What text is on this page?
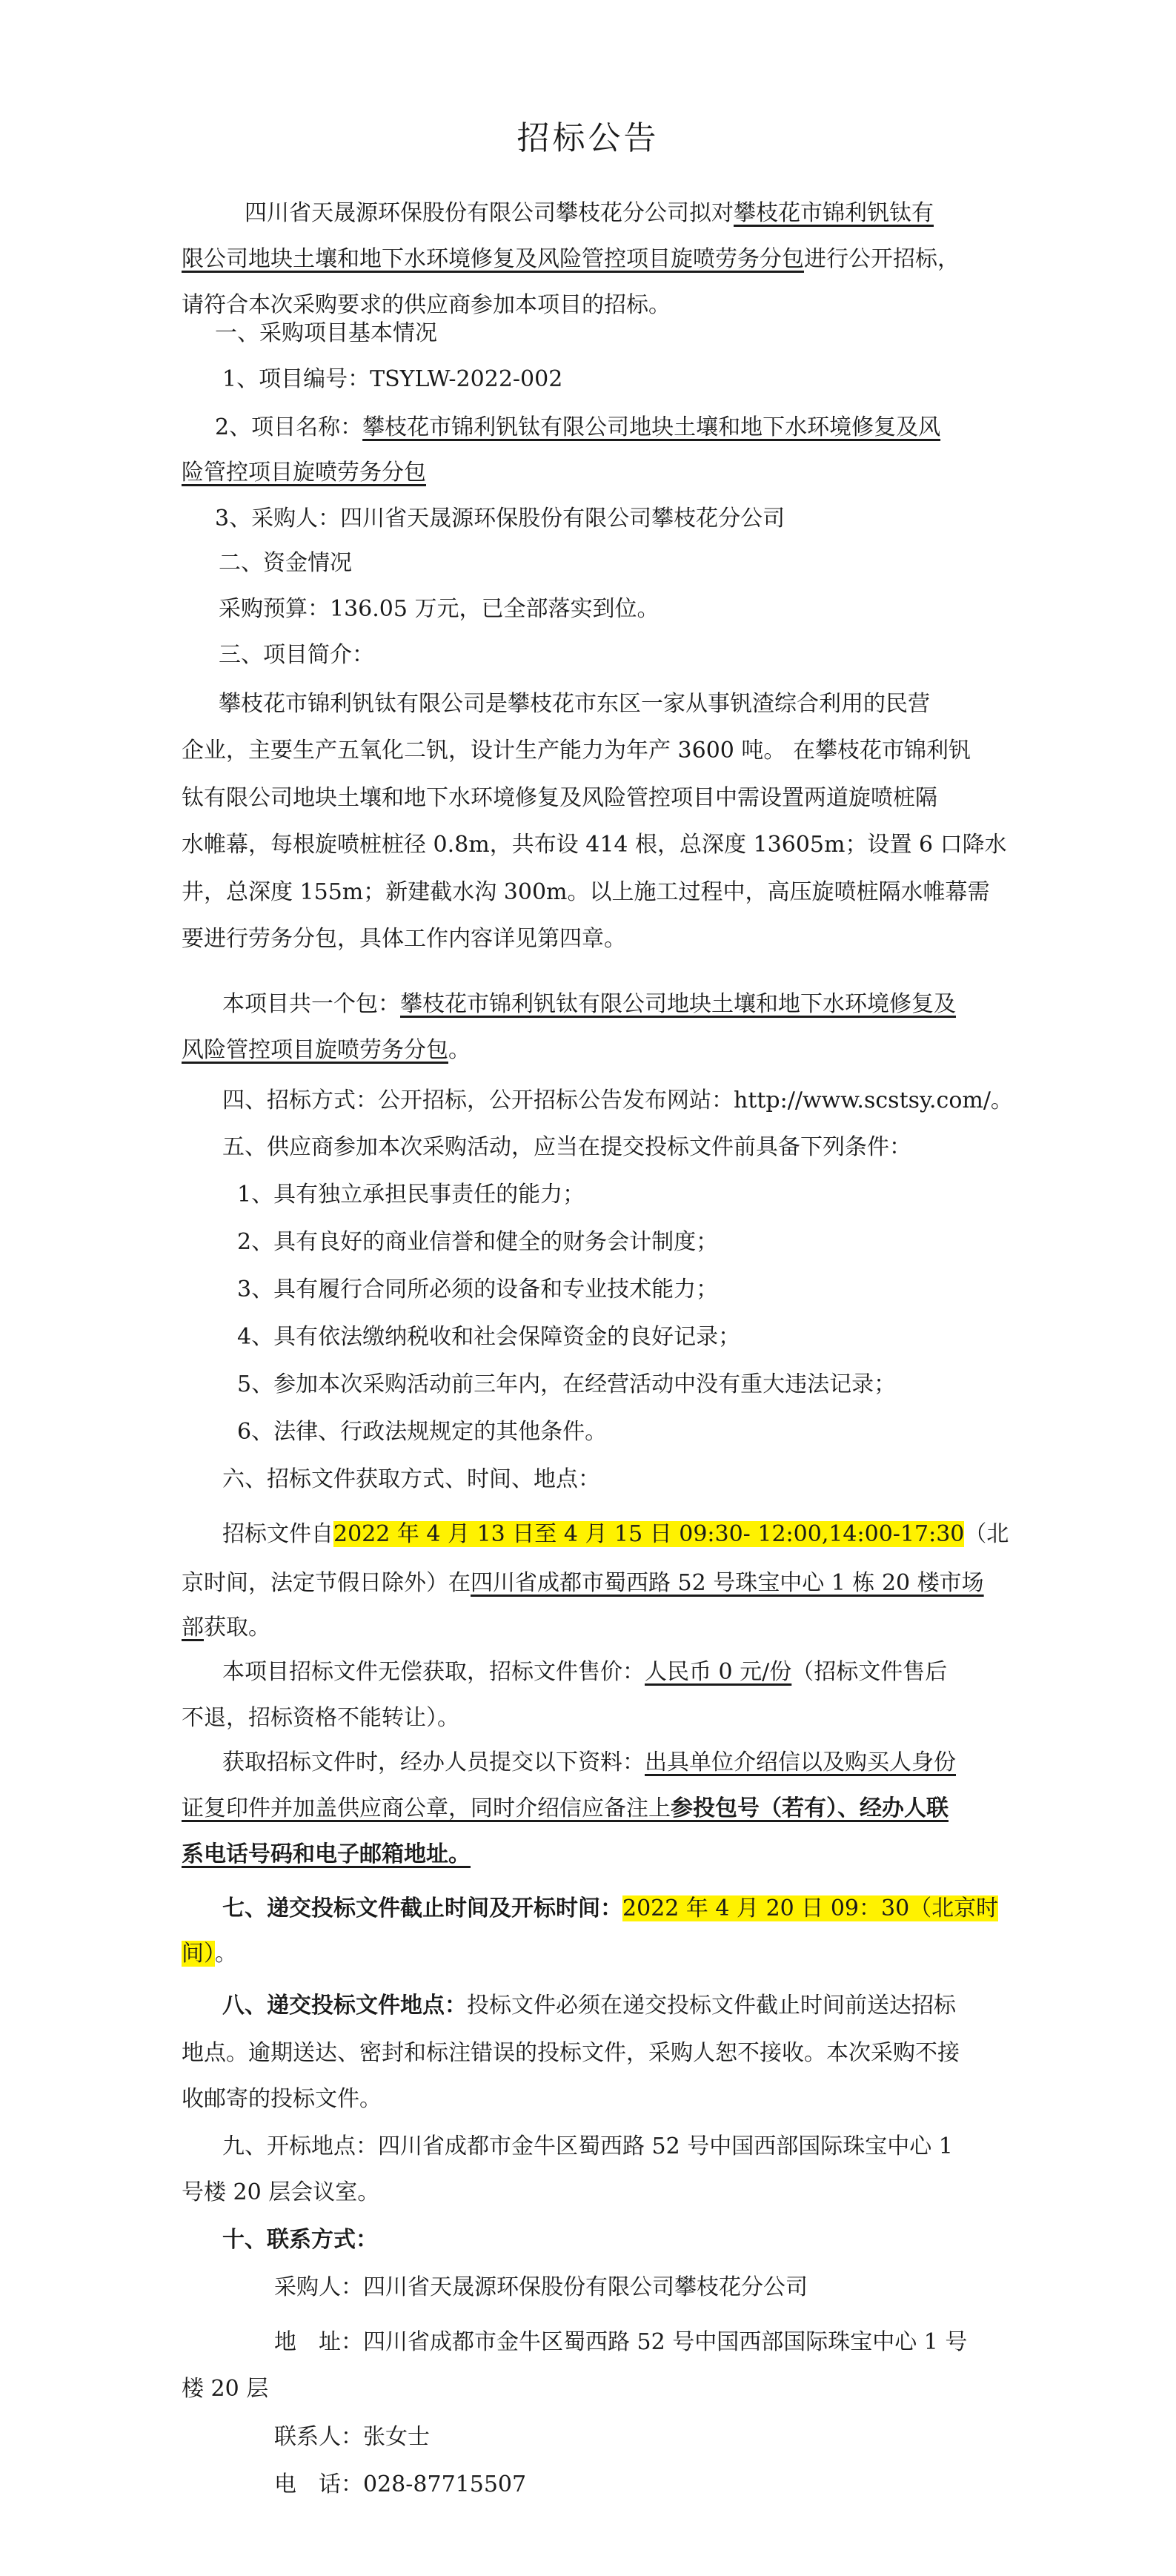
招标公告
四川省天晟源环保股份有限公司攀枝花分公司拟对攀枝花市锦利钒钛有
限公司地块土壤和地下水环境修复及风险管控项目旋喷劳务分包进行公开招标，
请符合本次采购要求的供应商参加本项目的招标。
一、采购项目基本情况
1、项目编号：TSYLW-2022-002
2、项目名称：攀枝花市锦利钒钛有限公司地块土壤和地下水环境修复及风
险管控项目旋喷劳务分包
3、采购人：四川省天晟源环保股份有限公司攀枝花分公司
二、资金情况
采购预算：136.05 万元，已全部落实到位。
三、项目简介：
攀枝花市锦利钒钛有限公司是攀枝花市东区一家从事钒渣综合利用的民营
企业，主要生产五氧化二钒，设计生产能力为年产 3600 吨。 在攀枝花市锦利钒
钛有限公司地块土壤和地下水环境修复及风险管控项目中需设置两道旋喷桩隔
水帷幕，每根旋喷桩桩径 0.8m，共布设 414 根，总深度 13605m；设置 6 口降水
井，总深度 155m；新建截水沟 300m。以上施工过程中，高压旋喷桩隔水帷幕需
要进行劳务分包，具体工作内容详见第四章。
本项目共一个包：攀枝花市锦利钒钛有限公司地块土壤和地下水环境修复及
风险管控项目旋喷劳务分包。
四、招标方式：公开招标，公开招标公告发布网站：http://www.scstsy.com/。
五、供应商参加本次采购活动，应当在提交投标文件前具备下列条件：
1、具有独立承担民事责任的能力；
2、具有良好的商业信誉和健全的财务会计制度；
3、具有履行合同所必须的设备和专业技术能力；
4、具有依法缴纳税收和社会保障资金的良好记录；
5、参加本次采购活动前三年内，在经营活动中没有重大违法记录；
6、法律、行政法规规定的其他条件。
六、招标文件获取方式、时间、地点：
招标文件自2022 年 4 月 13 日至 4 月 15 日 09:30- 12:00,14:00-17:30（北
京时间，法定节假日除外）在四川省成都市蜀西路 52 号珠宝中心 1 栋 20 楼市场
部获取。
本项目招标文件无偿获取，招标文件售价：人民币 0 元/份（招标文件售后
不退，招标资格不能转让）。
获取招标文件时，经办人员提交以下资料：出具单位介绍信以及购买人身份
证复印件并加盖供应商公章，同时介绍信应备注上参投包号（若有）、经办人联
系电话号码和电子邮箱地址。
七、递交投标文件截止时间及开标时间：2022 年 4 月 20 日 09：30（北京时
间）。
八、递交投标文件地点：投标文件必须在递交投标文件截止时间前送达招标
地点。逾期送达、密封和标注错误的投标文件，采购人恕不接收。本次采购不接
收邮寄的投标文件。
九、开标地点：四川省成都市金牛区蜀西路 52 号中国西部国际珠宝中心 1
号楼 20 层会议室。
十、联系方式：
采购人：四川省天晟源环保股份有限公司攀枝花分公司
地　址：四川省成都市金牛区蜀西路 52 号中国西部国际珠宝中心 1 号
楼 20 层
联系人：张女士
电　话：028-87715507
